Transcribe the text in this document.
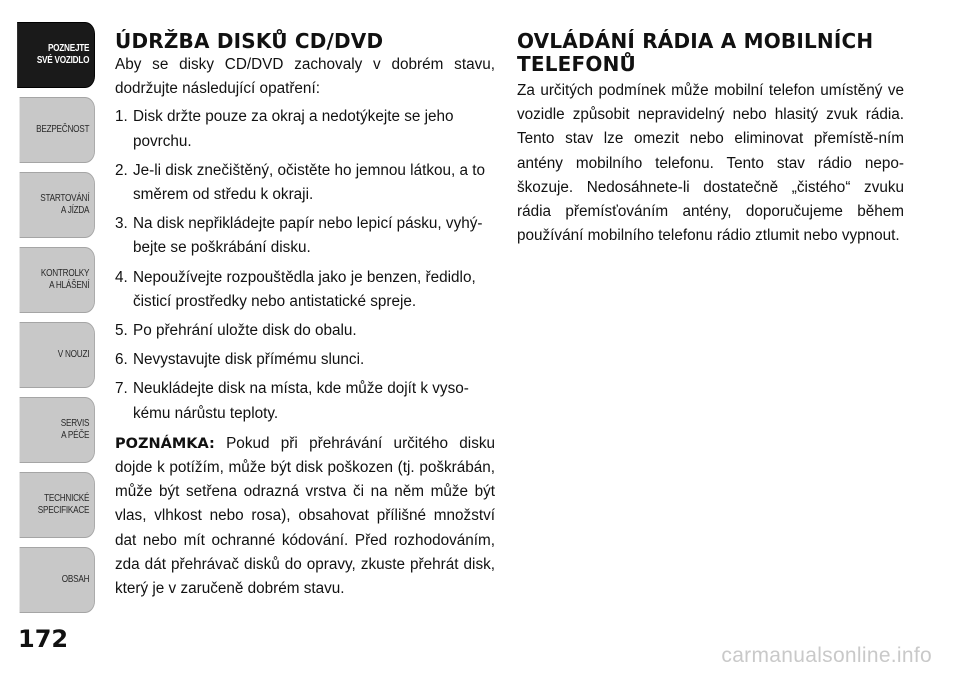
POZNEJTE
SVÉ VOZIDLO
BEZPEČNOST
STARTOVÁNÍ
A JÍZDA
KONTROLKY
A HLÁŠENÍ
V NOUZI
SERVIS
A PÉČE
TECHNICKÉ
SPECIFIKACE
OBSAH
172
ÚDRŽBA DISKŮ CD/DVD

Aby se disky CD/DVD zachovaly v dobrém stavu, dodržujte následující opatření:

1. Disk držte pouze za okraj a nedotýkejte se jeho povrchu.
2. Je-li disk znečištěný, očistěte ho jemnou látkou, a to směrem od středu k okraji.
3. Na disk nepřikládejte papír nebo lepicí pásku, vyhý-bejte se poškrábání disku.
4. Nepoužívejte rozpouštědla jako je benzen, ředidlo, čisticí prostředky nebo antistatické spreje.
5. Po přehrání uložte disk do obalu.
6. Nevystavujte disk přímému slunci.
7. Neukládejte disk na místa, kde může dojít k vyso-kému nárůstu teploty.

POZNÁMKA: Pokud při přehrávání určitého disku dojde k potížím, může být disk poškozen (tj. poškrábán, může být setřena odrazná vrstva či na něm může být vlas, vlhkost nebo rosa), obsahovat přílišné množství dat nebo mít ochranné kódování. Před rozhodováním, zda dát přehrávač disků do opravy, zkuste přehrát disk, který je v zaručeně dobrém stavu.

OVLÁDÁNÍ RÁDIA A MOBILNÍCH TELEFONŮ

Za určitých podmínek může mobilní telefon umístěný ve vozidle způsobit nepravidelný nebo hlasitý zvuk rádia. Tento stav lze omezit nebo eliminovat přemístě-ním antény mobilního telefonu. Tento stav rádio nepo-škozuje. Nedosáhnete-li dostatečně „čistého“ zvuku rádia přemísťováním antény, doporučujeme během používání mobilního telefonu rádio ztlumit nebo vypnout.

carmanualsonline.info
